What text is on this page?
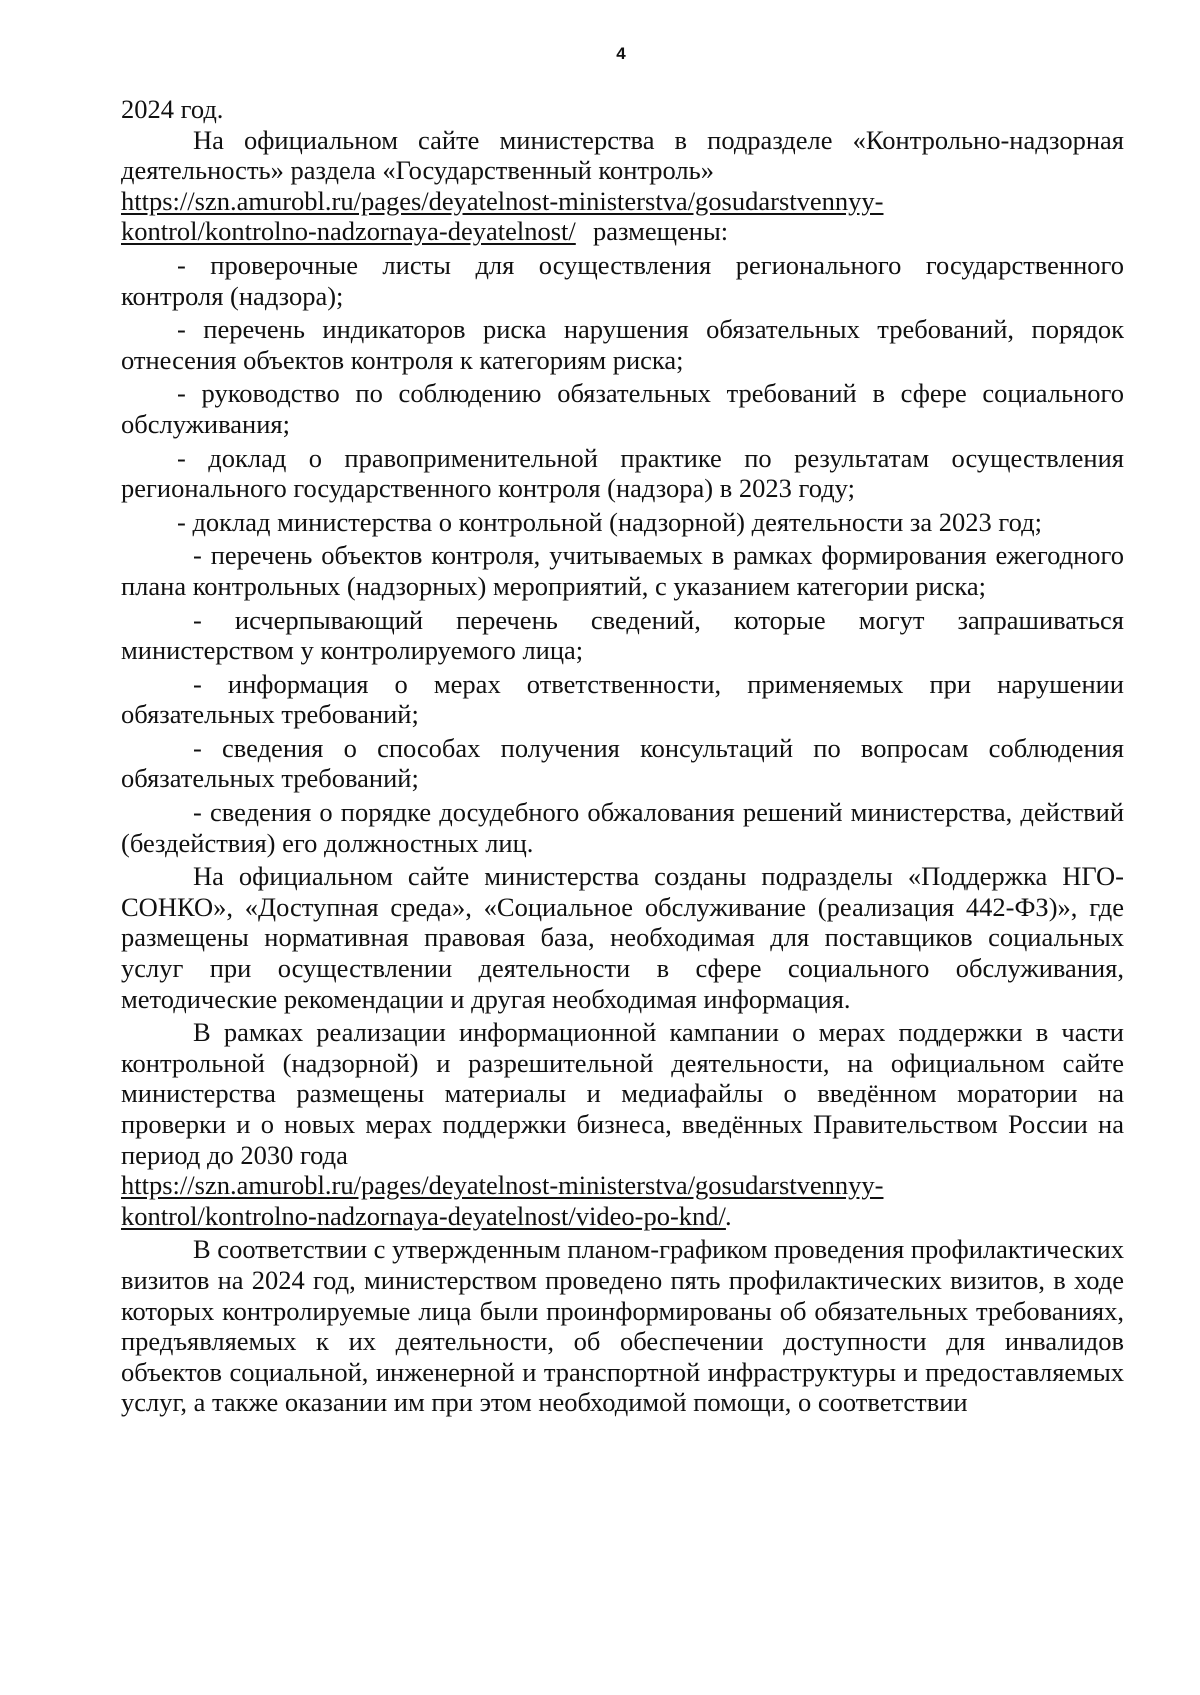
4

2024 год.

На официальном сайте министерства в подразделе «Контрольно-надзорная деятельность» раздела «Государственный контроль»
https://szn.amurobl.ru/pages/deyatelnost-ministerstva/gosudarstvennyy-
kontrol/kontrolno-nadzornaya-deyatelnost/ размещены:

- проверочные листы для осуществления регионального государственного контроля (надзора);

- перечень индикаторов риска нарушения обязательных требований, порядок отнесения объектов контроля к категориям риска;

- руководство по соблюдению обязательных требований в сфере социального обслуживания;

- доклад о правоприменительной практике по результатам осуществления регионального государственного контроля (надзора) в 2023 году;

- доклад министерства о контрольной (надзорной) деятельности за 2023 год;

- перечень объектов контроля, учитываемых в рамках формирования ежегодного плана контрольных (надзорных) мероприятий, с указанием категории риска;

- исчерпывающий перечень сведений, которые могут запрашиваться министерством у контролируемого лица;

- информация о мерах ответственности, применяемых при нарушении обязательных требований;

- сведения о способах получения консультаций по вопросам соблюдения обязательных требований;

- сведения о порядке досудебного обжалования решений министерства, действий (бездействия) его должностных лиц.

На официальном сайте министерства созданы подразделы «Поддержка НГО-СОНКО», «Доступная среда», «Социальное обслуживание (реализация 442-ФЗ)», где размещены нормативная правовая база, необходимая для поставщиков социальных услуг при осуществлении деятельности в сфере социального обслуживания, методические рекомендации и другая необходимая информация.

В рамках реализации информационной кампании о мерах поддержки в части контрольной (надзорной) и разрешительной деятельности, на официальном сайте министерства размещены материалы и медиафайлы о введённом моратории на проверки и о новых мерах поддержки бизнеса, введённых Правительством России на период до 2030 года
https://szn.amurobl.ru/pages/deyatelnost-ministerstva/gosudarstvennyy-
kontrol/kontrolno-nadzornaya-deyatelnost/video-po-knd/ .

В соответствии с утвержденным планом-графиком проведения профилактических визитов на 2024 год, министерством проведено пять профилактических визитов, в ходе которых контролируемые лица были проинформированы об обязательных требованиях, предъявляемых к их деятельности, об обеспечении доступности для инвалидов объектов социальной, инженерной и транспортной инфраструктуры и предоставляемых услуг, а также оказании им при этом необходимой помощи, о соответствии
